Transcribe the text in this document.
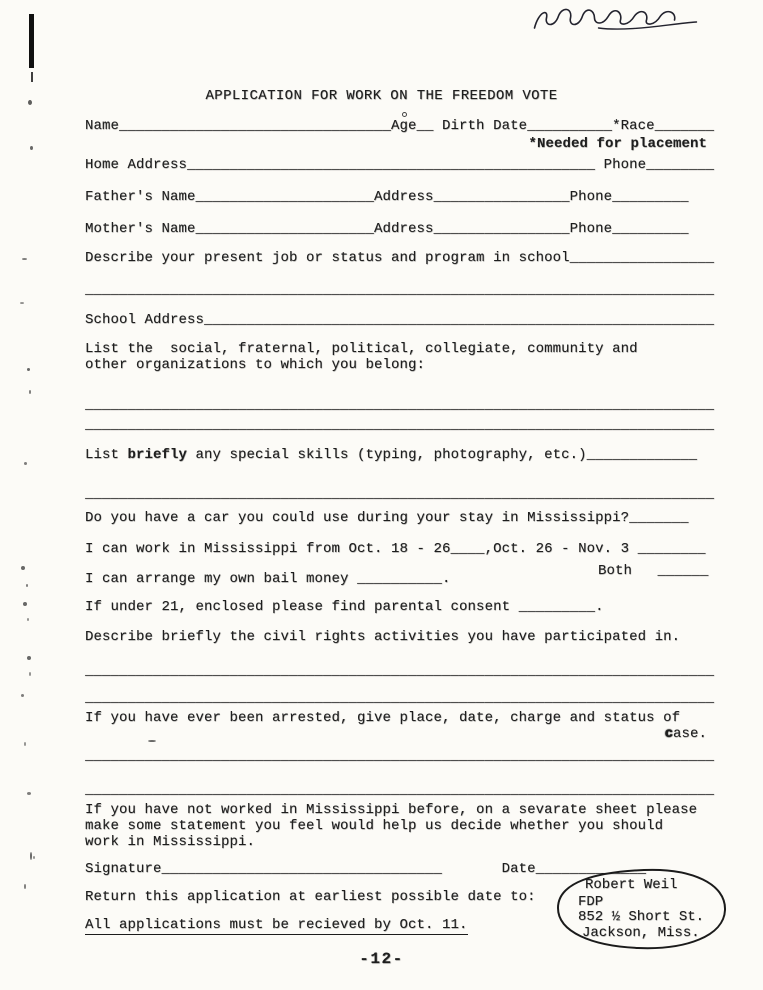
APPLICATION FOR WORK ON THE FREEDOM VOTE
Name________________________________Age__ Dirth Date__________*Race_______
*Needed for placement
Home Address________________________________________________ Phone________
Father's Name_____________________Address________________Phone_________
Mother's Name_____________________Address________________Phone_________
Describe your present job or status and program in school_________________
__________________________________________________________________________
School Address____________________________________________________________
List the  social, fraternal, political, collegiate, community and
other organizations to which you belong:
__________________________________________________________________________
__________________________________________________________________________
List briefly any special skills (typing, photography, etc.)_____________
__________________________________________________________________________
Do you have a car you could use during your stay in Mississippi?_______
I can work in Mississippi from Oct. 18 - 26____,Oct. 26 - Nov. 3 ________
Both   ______
I can arrange my own bail money __________.
If under 21, enclosed please find parental consent _________.
Describe briefly the civil rights activities you have participated in.
__________________________________________________________________________
__________________________________________________________________________
If you have ever been arrested, give place, date, charge and status of
case.
__________________________________________________________________________
__________________________________________________________________________
If you have not worked in Mississippi before, on a sevarate sheet please
make some statement you feel would help us decide whether you should
work in Mississippi.
Signature_________________________________       Date_____________
Return this application at earliest possible date to:
All applications must be recieved by Oct. 11.
Robert Weil
FDP
852 ½ Short St.
Jackson, Miss.
-12-
